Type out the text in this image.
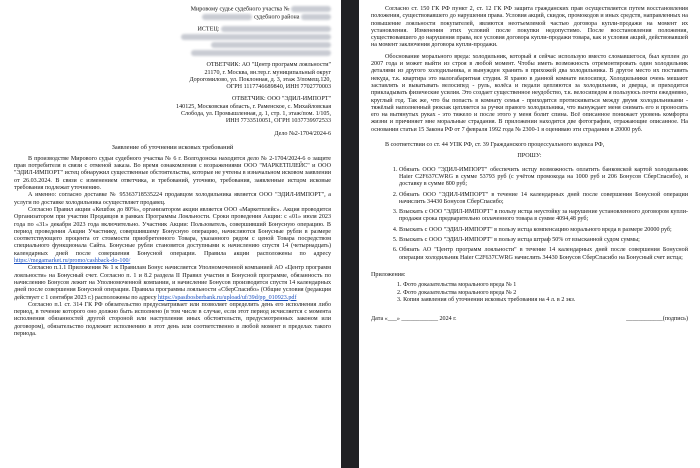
Мировому судье судебного участка №

судебного района

ИСТЕЦ:

ОТВЕТЧИК: АО "Центр программ лояльности"

21170, г. Москва, вн.тер.г. муниципальный округ

Дорогомилово, ул. Поклонная, д. 3, этаж 3/помещ.120,

ОГРН 1117746689840, ИНН 7702770003

ОТВЕТЧИК: ООО "ЭДИЛ-ИМПОРТ"

140125, Московская область, г. Раменское, с. Михайловская

Слобода, ул. Промышленная, д. 1, стр. 1, этаж/пом. 1/105,

ИНН 7733510051, ОГРН 1037739972533

Дело №2-1704/2024-6

Заявление об уточнении исковых требований

В производстве Мирового судьи судебного участка № 6 г. Волгодонска находится дело № 2-1704/2024-6 о защите прав потребителя в связи с отменой заказа. Во время ознакомления с возражениями ООО "МАРКЕТПЛЕЙС" и ООО "ЭДИЛ-ИМПОРТ" истец обнаружил существенные обстоятельства, которые не учтены в изначальном исковом заявлении от 26.03.2024. В связи с изменением ответчика, и требований, уточняю, требования, заявленные истцом исковые требования подлежат уточнению.

А именно: согласно доставке № 95363718535224 продавцом холодильника является ООО "ЭДИЛ-ИМПОРТ", а услуги по доставке холодильника осуществляет продавец.

Согласно Правил акции «Кешбэк до 80%», организатором акции является ООО «Маркетплейс». Акция проводится Организатором при участии Продавцов в рамках Программы Лояльности. Сроки проведения Акции: с «01» июля 2023 года по «31» декабря 2023 года включительно. Участник Акции: Пользователь, совершивший Бонусную операцию. В период проведения Акции Участнику, совершившему Бонусную операцию, начисляются Бонусные рубли в размере соответствующего процента от стоимости приобретенного Товара, указанного рядом с ценой Товара посредством специального функционала Сайта. Бонусные рубли становятся доступными к начислению спустя 14 (четырнадцать) календарных дней после совершения Бонусной операции. Правила акции расположены по адресу https://megamarket.ru/promo/cashback-do-100/

Согласно п.1.1 Приложения № 1 к Правилам Бонус начисляется Уполномоченной компанией АО «Центр программ лояльности» на Бонусный счет. Согласно п. 1 и 8.2 раздела II Правил участия в Бонусной программе, обязанность по начислению Бонусов лежит на Уполномоченной компании, и начисление Бонусов производится спустя 14 календарных дней после совершения Бонусной операции. Правила программы лояльности «СберСпасибо» (Общие условия (редакция действует с 1 сентября 2023 г.) расположены по адресу https://spasibosberbank.ru/upload/uf/39d/pp_010923.pdf

Согласно п.1 ст. 314 ГК РФ обязательство предусматривает или позволяет определить день его исполнения либо период, в течение которого оно должно быть исполнено (в том числе в случае, если этот период исчисляется с момента исполнения обязанностей другой стороной или наступления иных обстоятельств, предусмотренных законом или договором), обязательство подлежит исполнению в этот день или соответственно в любой момент в пределах такого периода.

Согласно ст. 150 ГК РФ пункт 2, ст. 12 ГК РФ защита гражданских прав осуществляется путем восстановления положения, существовавшего до нарушения права. Условия акций, скидок, промокодов и иных средств, направленных на повышение лояльности покупателей, являются неотъемлемой частью договора купли-продажи на момент их установления. Изменения этих условий после покупки недопустимо. После восстановления положения, существовавшего до нарушения права, все условия договора купли-продажи товара, как и условия акций, действовавшей на момент заключения договора купли-продажи.

Обоснование морального вреда: холодильник, который я сейчас использую вместо сломавшегося, был куплен до 2007 года и может выйти из строя в любой момент. Чтобы иметь возможность отремонтировать один холодильник деталями из другого холодильника, я вынужден хранить в прихожей два холодильника. В другое место их поставить некуда, т.к. квартира это малогабаритная студия. Я храню в данной комнате велосипед. Холодильники очень мешают заставлять и выкатывать велосипед - руль, колёса и педали цепляются за холодильник, и дверца, и приходится прикладывать физические усилия. Это создает существенное неудобство, т.к. велосипедом я пользуюсь почти ежедневно, круглый год. Так же, что бы попасть в комнату семья - приходится протискиваться между двумя холодильниками - тяжёлый наполненный рюкзак цепляется за ручки правого холодильника, что вынуждает меня снимать его и проносить его на вытянутых руках - это тяжело и после этого у меня болит спина. Всё описанное понижает уровень комфорта жизни и причиняет мне моральные страдания. В приложении находятся две фотографии, отражающие описанное. На основании статьи 15 Закона РФ от 7 февраля 1992 года № 2300-1 я оцениваю эти страдания в 20000 руб.

В соответствии со ст. 44 УПК РФ, ст. 39 Гражданского процессуального кодекса РФ,

ПРОШУ:

1. Обязать ООО "ЭДИЛ-ИМПОРТ" обеспечить истцу возможность оплатить банковской картой холодильник Haier C2F637CWRG в сумме 53793 руб (с учётом промокода на 1000 руб и 206 Бонусов СберСпасибо), и доставку в сумме 800 руб;
2. Обязать ООО "ЭДИЛ-ИМПОРТ" в течение 14 календарных дней после совершения Бонусной операции начислить 34430 Бонусов СберСпасибо;
3. Взыскать с ООО "ЭДИЛ-ИМПОРТ" в пользу истца неустойку за нарушение установленного договором купли-продажи срока предварительно оплаченного товара в сумме 4094,48 руб;
4. Взыскать с ООО "ЭДИЛ-ИМПОРТ" в пользу истца компенсацию морального вреда в размере 20000 руб;
5. Взыскать с ООО "ЭДИЛ-ИМПОРТ" в пользу истца штраф 50% от взысканной судом суммы;
6. Обязать АО "Центр программ лояльности" в течение 14 календарных дней после совершения Бонусной операции холодильник Haier C2F637CWRG начислить 34430 Бонусов СберСпасибо на Бонусный счет истца;

Приложения:

1. Фото доказательства морального вреда № 1

2. Фото доказательства морального вреда № 2

3. Копия заявления об уточнении исковых требования на 4 л. в 2 экз.

Дата «___» ____________ 2024 г.	____________(подпись)
